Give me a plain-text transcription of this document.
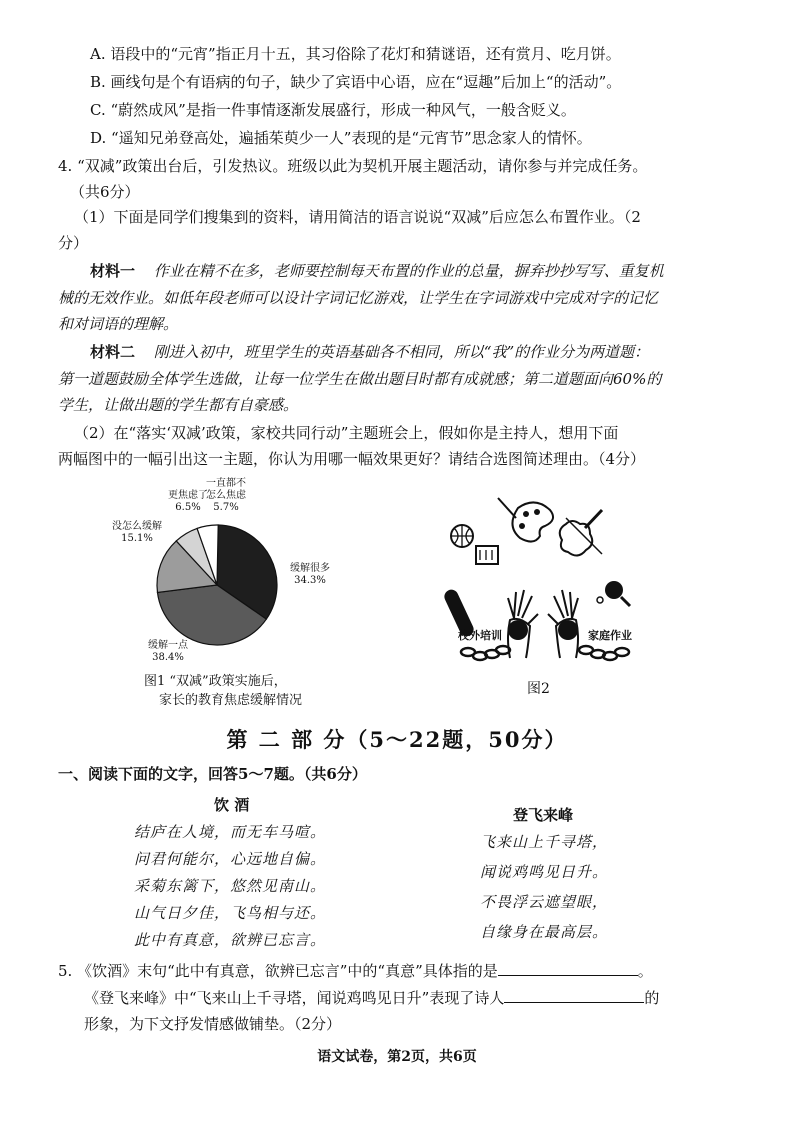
A. 语段中的“元宵”指正月十五，其习俗除了花灯和猜谜语，还有赏月、吃月饼。
B. 画线句是个有语病的句子，缺少了宾语中心语，应在“逗趣”后加上“的活动”。
C. “蔚然成风”是指一件事情逐渐发展盛行，形成一种风气，一般含贬义。
D. “遥知兄弟登高处，遍插茱萸少一人”表现的是“元宵节”思念家人的情怀。
4. “双减”政策出台后，引发热议。班级以此为契机开展主题活动，请你参与并完成任务。
（共6分）
（1）下面是同学们搜集到的资料，请用简洁的语言说说“双减”后应怎么布置作业。（2
分）
材料一 作业在精不在多，老师要控制每天布置的作业的总量，摒弃抄抄写写、重复机
械的无效作业。如低年段老师可以设计字词记忆游戏，让学生在字词游戏中完成对字的记忆
和对词语的理解。
材料二 刚进入初中，班里学生的英语基础各不相同，所以“我”的作业分为两道题：
第一道题鼓励全体学生选做，让每一位学生在做出题目时都有成就感；第二道题面向60%的
学生，让做出题的学生都有自豪感。
（2）在“落实‘双减’政策，家校共同行动”主题班会上，假如你是主持人，想用下面
两幅图中的一幅引出这一主题，你认为用哪一幅效果更好？请结合选图简述理由。（4分）
更焦虑了
6.5%
一直都不
怎么焦虑
5.7%
没怎么缓解
15.1%
缓解很多
34.3%
缓解一点
38.4%
图1 “双减”政策实施后，
家长的教育焦虑缓解情况
校外培训	家庭作业
图2
第 二 部 分（5～22题，50分）
一、阅读下面的文字，回答5～7题。（共6分）
饮 酒
结庐在人境，而无车马喧。
问君何能尔，心远地自偏。
采菊东篱下，悠然见南山。
山气日夕佳，飞鸟相与还。
此中有真意，欲辨已忘言。
登飞来峰
飞来山上千寻塔，
闻说鸡鸣见日升。
不畏浮云遮望眼，
自缘身在最高层。
5. 《饮酒》末句“此中有真意，欲辨已忘言”中的“真意”具体指的是	。
《登飞来峰》中“飞来山上千寻塔，闻说鸡鸣见日升”表现了诗人	的
形象，为下文抒发情感做铺垫。（2分）
语文试卷，第2页，共6页
